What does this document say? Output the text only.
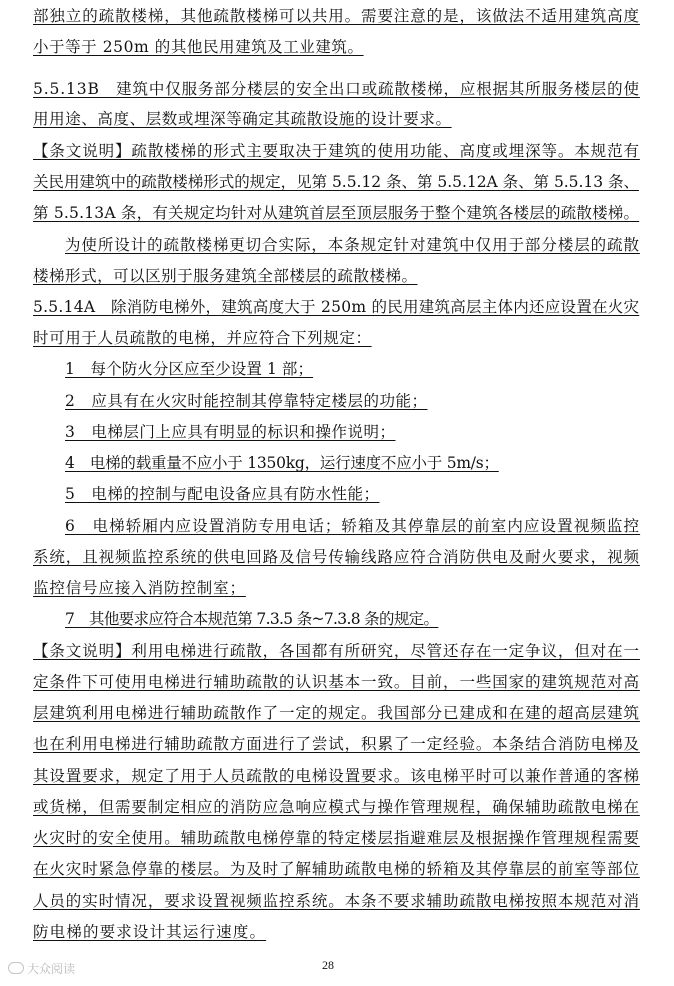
部独立的疏散楼梯，其他疏散楼梯可以共用。需要注意的是，该做法不适用建筑高度
小于等于 250m 的其他民用建筑及工业建筑。
5.5.13B　建筑中仅服务部分楼层的安全出口或疏散楼梯，应根据其所服务楼层的使
用用途、高度、层数或埋深等确定其疏散设施的设计要求。
【条文说明】疏散楼梯的形式主要取决于建筑的使用功能、高度或埋深等。本规范有
关民用建筑中的疏散楼梯形式的规定，见第 5.5.12 条、第 5.5.12A 条、第 5.5.13 条、
第 5.5.13A 条，有关规定均针对从建筑首层至顶层服务于整个建筑各楼层的疏散楼梯。
为使所设计的疏散楼梯更切合实际，本条规定针对建筑中仅用于部分楼层的疏散
楼梯形式，可以区别于服务建筑全部楼层的疏散楼梯。
5.5.14A　除消防电梯外，建筑高度大于 250m 的民用建筑高层主体内还应设置在火灾
时可用于人员疏散的电梯，并应符合下列规定：
1　每个防火分区应至少设置 1 部；
2　应具有在火灾时能控制其停靠特定楼层的功能；
3　电梯层门上应具有明显的标识和操作说明；
4　电梯的载重量不应小于 1350kg，运行速度不应小于 5m/s；
5　电梯的控制与配电设备应具有防水性能；
6　电梯轿厢内应设置消防专用电话；轿箱及其停靠层的前室内应设置视频监控
系统，且视频监控系统的供电回路及信号传输线路应符合消防供电及耐火要求，视频
监控信号应接入消防控制室；
7　其他要求应符合本规范第 7.3.5 条~7.3.8 条的规定。
【条文说明】利用电梯进行疏散，各国都有所研究，尽管还存在一定争议，但对在一
定条件下可使用电梯进行辅助疏散的认识基本一致。目前，一些国家的建筑规范对高
层建筑利用电梯进行辅助疏散作了一定的规定。我国部分已建成和在建的超高层建筑
也在利用电梯进行辅助疏散方面进行了尝试，积累了一定经验。本条结合消防电梯及
其设置要求，规定了用于人员疏散的电梯设置要求。该电梯平时可以兼作普通的客梯
或货梯，但需要制定相应的消防应急响应模式与操作管理规程，确保辅助疏散电梯在
火灾时的安全使用。辅助疏散电梯停靠的特定楼层指避难层及根据操作管理规程需要
在火灾时紧急停靠的楼层。为及时了解辅助疏散电梯的轿箱及其停靠层的前室等部位
人员的实时情况，要求设置视频监控系统。本条不要求辅助疏散电梯按照本规范对消
防电梯的要求设计其运行速度。
28
大众阅读
